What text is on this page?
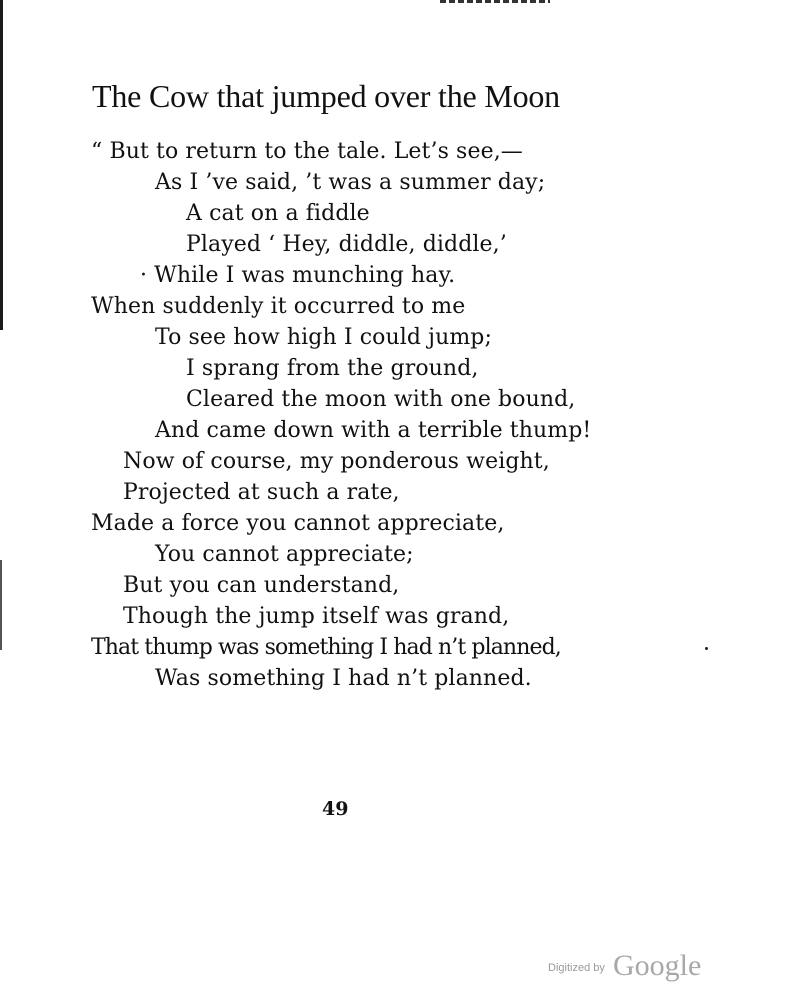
The Cow that jumped over the Moon
“ But to return to the tale. Let’s see,—
As I ’ve said, ’t was a summer day;
A cat on a fiddle
Played ‘ Hey, diddle, diddle,’
· While I was munching hay.
When suddenly it occurred to me
To see how high I could jump;
I sprang from the ground,
Cleared the moon with one bound,
And came down with a terrible thump!
Now of course, my ponderous weight,
Projected at such a rate,
Made a force you cannot appreciate,
You cannot appreciate;
But you can understand,
Though the jump itself was grand,
That thump was something I had n’t planned,
Was something I had n’t planned.
49
$^{Digitized by}$ Google
